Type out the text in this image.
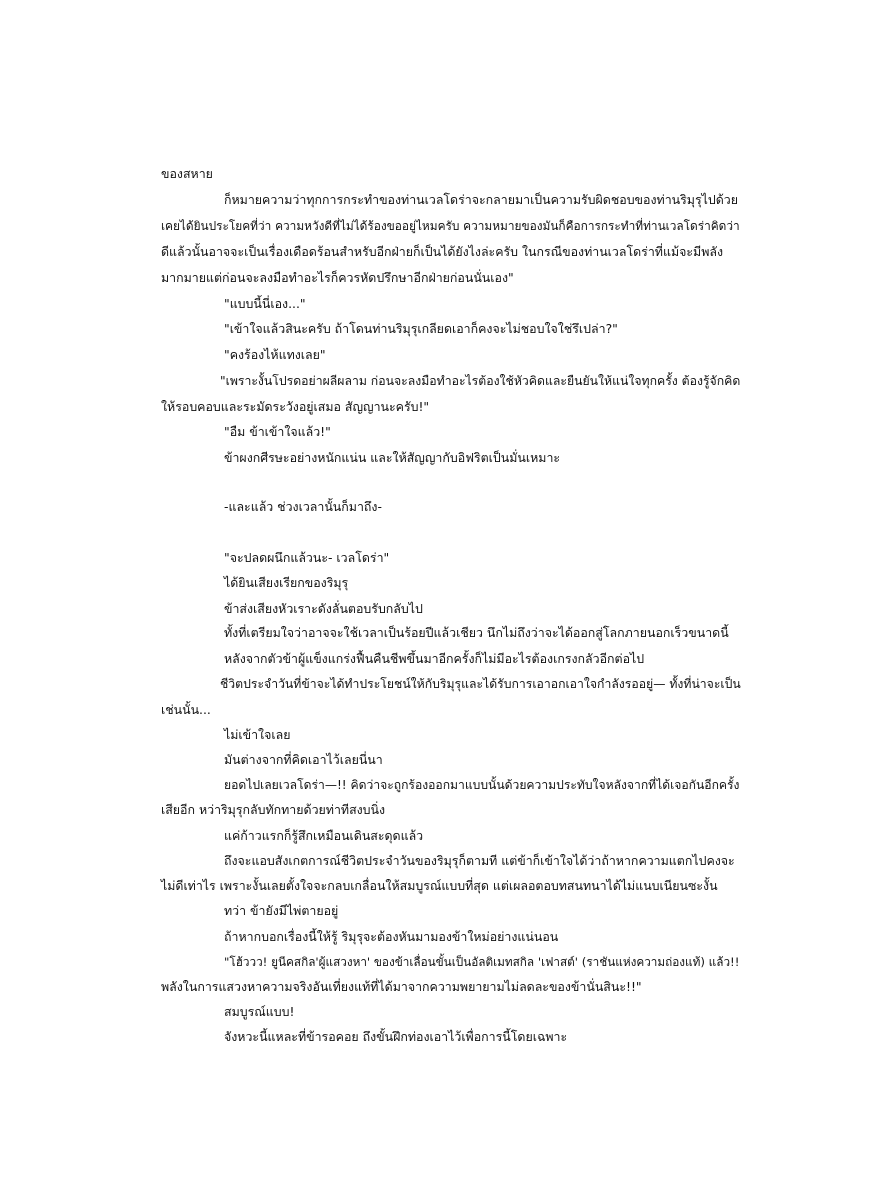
ของสหาย

ก็หมายความว่าทุกการกระทำของท่านเวลโดร่าจะกลายมาเป็นความรับผิดชอบของท่านริมุรุไปด้วย

เคยได้ยินประโยคที่ว่า ความหวังดีที่ไม่ได้ร้องขออยู่ไหมครับ ความหมายของมันก็คือการกระทำที่ท่านเวลโดร่าคิดว่า

ดีแล้วนั้นอาจจะเป็นเรื่องเดือดร้อนสำหรับอีกฝ่ายก็เป็นได้ยังไงล่ะครับ ในกรณีของท่านเวลโดร่าที่แม้จะมีพลัง

มากมายแต่ก่อนจะลงมือทำอะไรก็ควรหัดปรึกษาอีกฝ่ายก่อนนั่นเอง"

"แบบนี้นี่เอง..."

"เข้าใจแล้วสินะครับ ถ้าโดนท่านริมุรุเกลียดเอาก็คงจะไม่ชอบใจใช่รึเปล่า?"

"คงร้องไห้แทงเลย"

"เพราะงั้นโปรดอย่าผลีผลาม ก่อนจะลงมือทำอะไรต้องใช้หัวคิดและยืนยันให้แน่ใจทุกครั้ง ต้องรู้จักคิด

ให้รอบคอบและระมัดระวังอยู่เสมอ สัญญานะครับ!"

"อืม ข้าเข้าใจแล้ว!"

ข้าผงกศีรษะอย่างหนักแน่น และให้สัญญากับอิฟริตเป็นมั่นเหมาะ

-และแล้ว ช่วงเวลานั้นก็มาถึง-

"จะปลดผนึกแล้วนะ- เวลโดร่า"

ได้ยินเสียงเรียกของริมุรุ

ข้าส่งเสียงหัวเราะดังลั่นตอบรับกลับไป

ทั้งที่เตรียมใจว่าอาจจะใช้เวลาเป็นร้อยปีแล้วเชียว นึกไม่ถึงว่าจะได้ออกสู่โลกภายนอกเร็วขนาดนี้

หลังจากตัวข้าผู้แข็งแกร่งฟื้นคืนชีพขึ้นมาอีกครั้งก็ไม่มีอะไรต้องเกรงกลัวอีกต่อไป

ชีวิตประจำวันที่ข้าจะได้ทำประโยชน์ให้กับริมุรุและได้รับการเอาอกเอาใจกำลังรออยู่— ทั้งที่น่าจะเป็น

เช่นนั้น...

ไม่เข้าใจเลย

มันต่างจากที่คิดเอาไว้เลยนี่นา

ยอดไปเลยเวลโดร่า—!! คิดว่าจะถูกร้องออกมาแบบนั้นด้วยความประทับใจหลังจากที่ได้เจอกันอีกครั้ง

เสียอีก หว่าริมุรุกลับทักทายด้วยท่าทีสงบนิ่ง

แค่ก้าวแรกก็รู้สึกเหมือนเดินสะดุดแล้ว

ถึงจะแอบสังเกตการณ์ชีวิตประจำวันของริมุรุก็ตามที แต่ข้าก็เข้าใจได้ว่าถ้าหากความแตกไปคงจะ

ไม่ดีเท่าไร เพราะงั้นเลยตั้งใจจะกลบเกลื่อนให้สมบูรณ์แบบที่สุด แต่เผลอตอบทสนทนาได้ไม่แนบเนียนซะงั้น

ทว่า ข้ายังมีไพ่ตายอยู่

ถ้าหากบอกเรื่องนี้ให้รู้ ริมุรุจะต้องหันมามองข้าใหม่อย่างแน่นอน

"โฮ้ววว! ยูนีคสกิล'ผู้แสวงหา' ของข้าเลื่อนขั้นเป็นอัลติเมทสกิล 'เฟาสต์' (ราชันแห่งความถ่องแท้) แล้ว!!

พลังในการแสวงหาความจริงอันเที่ยงแท้ที่ได้มาจากความพยายามไม่ลดละของข้านั่นสินะ!!"

สมบูรณ์แบบ!

จังหวะนี้แหละที่ข้ารอคอย ถึงขั้นฝึกท่องเอาไว้เพื่อการนี้โดยเฉพาะ
